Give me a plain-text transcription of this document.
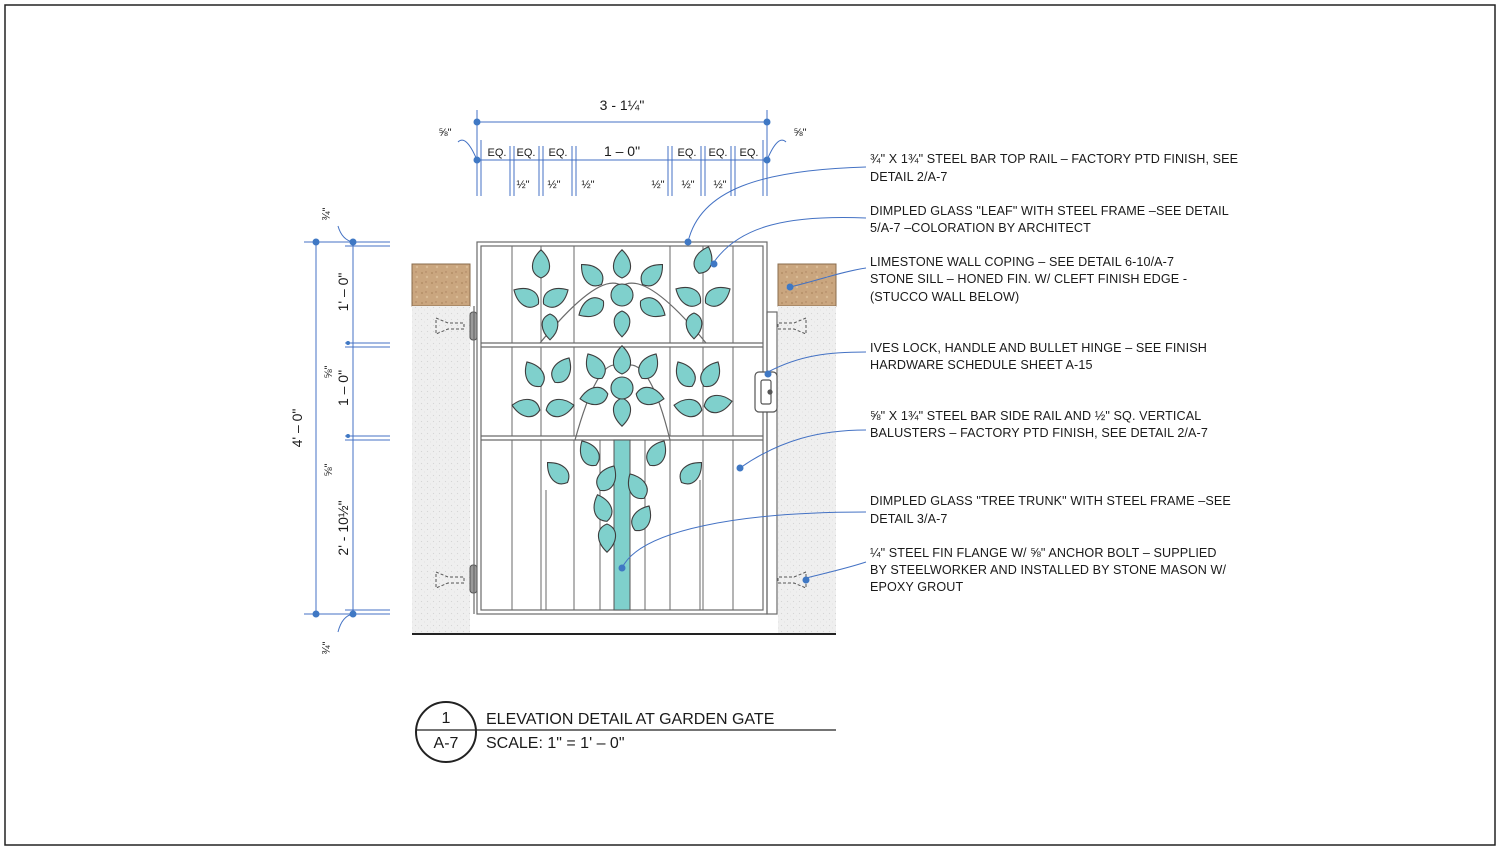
3 - 1¼"
1 – 0"
⅝"	⅝"
EQ. EQ. EQ.	EQ. EQ. EQ.
½" ½" ½"	½" ½" ½"
4' – 0"
¾"
1' – 0"
⅝" 1 – 0"
⅝"
2' - 10½"
¾"
¾" X 1¾" STEEL BAR TOP RAIL – FACTORY PTD FINISH, SEE
DETAIL 2/A-7
DIMPLED GLASS "LEAF" WITH STEEL FRAME –SEE DETAIL
5/A-7 –COLORATION BY ARCHITECT
LIMESTONE WALL COPING – SEE DETAIL 6-10/A-7
STONE SILL – HONED FIN. W/ CLEFT FINISH EDGE -
(STUCCO WALL BELOW)
IVES LOCK, HANDLE AND BULLET HINGE – SEE FINISH
HARDWARE SCHEDULE SHEET A-15
⅝" X 1¾" STEEL BAR SIDE RAIL AND ½" SQ. VERTICAL
BALUSTERS – FACTORY PTD FINISH, SEE DETAIL 2/A-7
DIMPLED GLASS "TREE TRUNK" WITH STEEL FRAME –SEE
DETAIL 3/A-7
¼" STEEL FIN FLANGE W/ ⅝" ANCHOR BOLT – SUPPLIED
BY STEELWORKER AND INSTALLED BY STONE MASON W/
EPOXY GROUT
1
A-7
ELEVATION DETAIL AT GARDEN GATE
SCALE: 1" = 1' – 0"
